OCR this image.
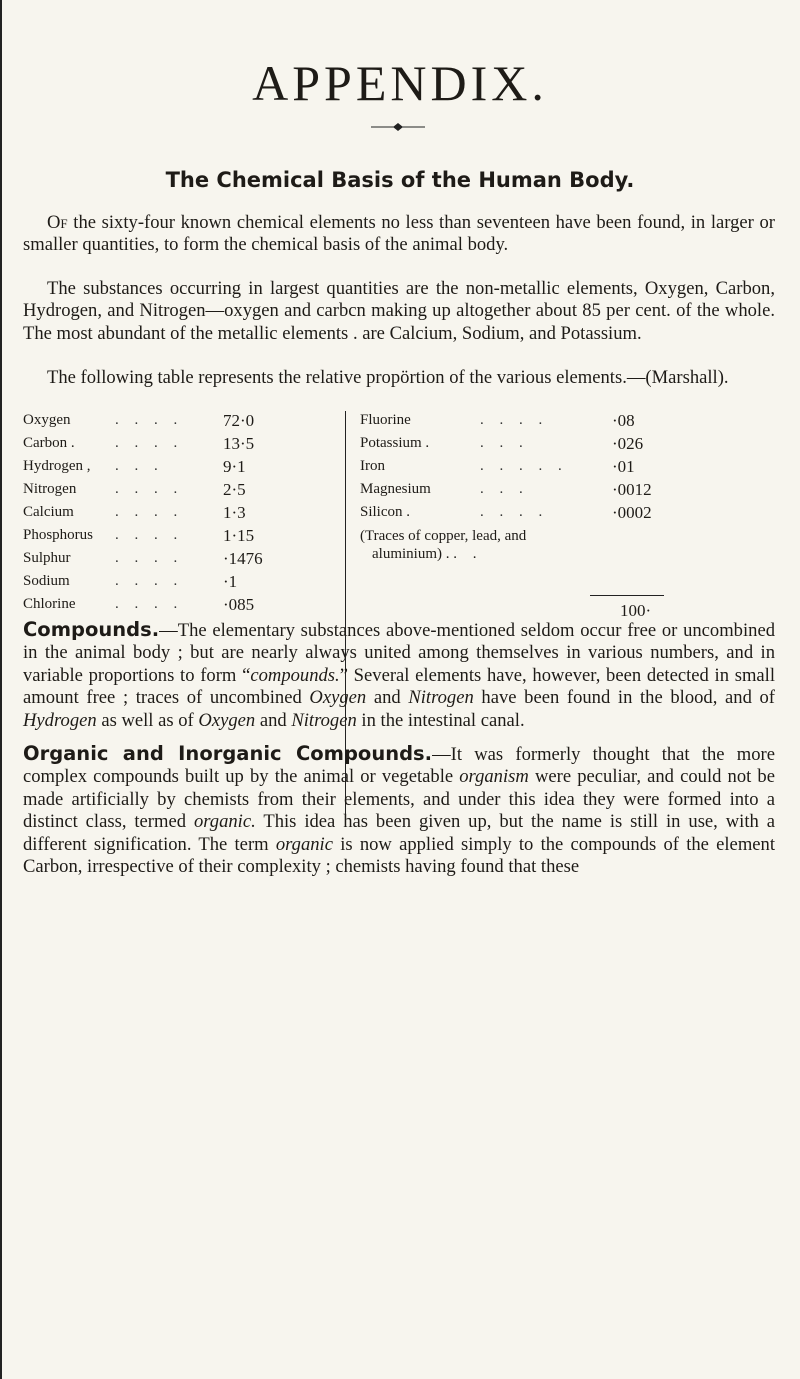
APPENDIX.
The Chemical Basis of the Human Body.

Of the sixty-four known chemical elements no less than seventeen have been found, in larger or smaller quantities, to form the chemical basis of the animal body.

The substances occurring in largest quantities are the non-metallic elements, Oxygen, Carbon, Hydrogen, and Nitrogen—oxygen and carbcn making up altogether about 85 per cent. of the whole. The most abundant of the metallic elements . are Calcium, Sodium, and Potassium.

The following table represents the relative propörtion of the various elements.—(Marshall).

Oxygen	. . . . 72·0
Carbon .	. . . . 13·5
Hydrogen , . . .	9·1
Nitrogen	. . . . 2·5
Calcium	. . . . 1·3
Phosphorus . . . . 1·15
Sulphur	. . . . ·1476
Sodium	. . . . ·1
Chlorine	. . . . ·085
Fluorine	. . . .	·08
Potassium .	. . .	·026
Iron	. . . . .	·01
Magnesium	. . .	·0012
Silicon .	. . . .	·0002
(Traces of copper, lead, and
aluminium) . . .
100·

Compounds.—The elementary substances above-mentioned seldom occur free or uncombined in the animal body ; but are nearly always united among themselves in various numbers, and in variable proportions to form “compounds.” Several elements have, however, been detected in small amount free ; traces of uncombined Oxygen and Nitrogen have been found in the blood, and of Hydrogen as well as of Oxygen and Nitrogen in the intestinal canal.

Organic and Inorganic Compounds.—It was formerly thought that the more complex compounds built up by the animal or vegetable organism were peculiar, and could not be made artificially by chemists from their elements, and under this idea they were formed into a distinct class, termed organic. This idea has been given up, but the name is still in use, with a different signification. The term organic is now applied simply to the compounds of the element Carbon, irrespective of their complexity ; chemists having found that these
